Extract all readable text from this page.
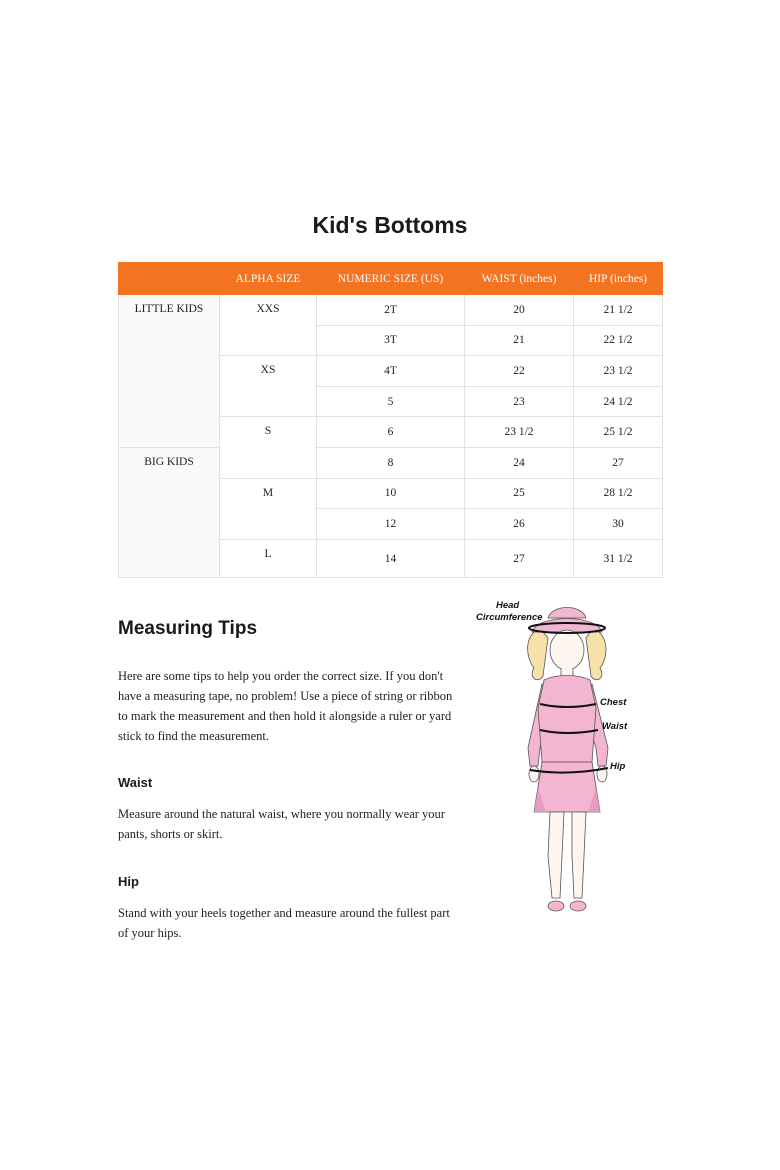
Kid's Bottoms
	ALPHA SIZE	NUMERIC SIZE (US)	WAIST (inches)	HIP (inches)
LITTLE KIDS	XXS	2T	20	21 1/2
		3T	21	22 1/2
	XS	4T	22	23 1/2
		5	23	24 1/2
	S	6	23 1/2	25 1/2
BIG KIDS		8	24	27
	M	10	25	28 1/2
		12	26	30
	L	14	27	31 1/2
Measuring Tips

Here are some tips to help you order the correct size. If you don't have a measuring tape, no problem! Use a piece of string or ribbon to mark the measurement and then hold it alongside a ruler or yard stick to find the measurement.

Waist

Measure around the natural waist, where you normally wear your pants, shorts or skirt.

Hip

Stand with your heels together and measure around the fullest part of your hips.

Head
Circumference
Chest
Waist
Hip
